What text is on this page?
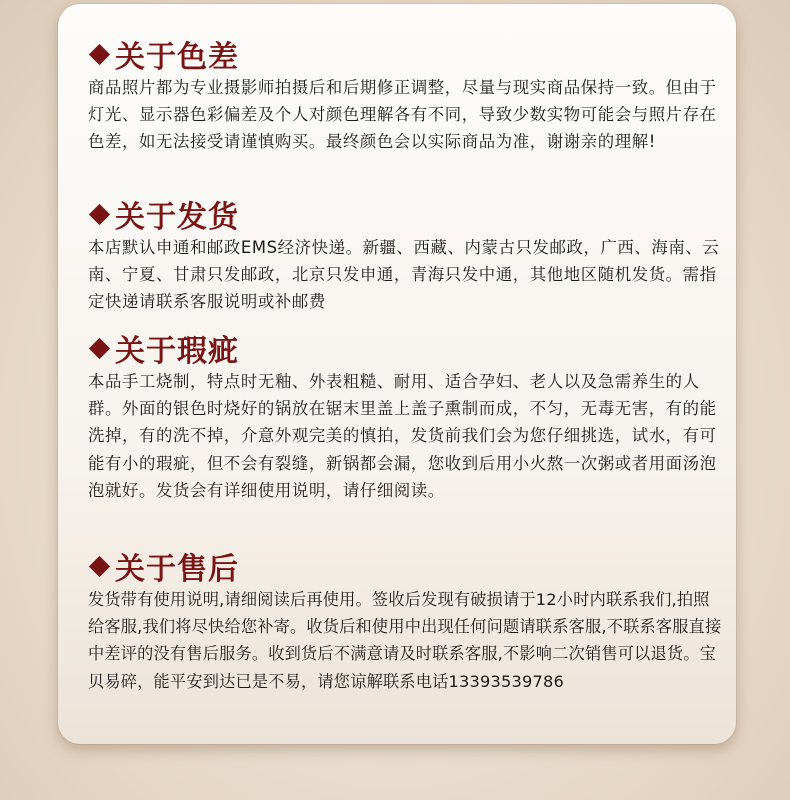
关于色差

商品照片都为专业摄影师拍摄后和后期修正调整，尽量与现实商品保持一致。但由于灯光、显示器色彩偏差及个人对颜色理解各有不同，导致少数实物可能会与照片存在色差，如无法接受请谨慎购买。最终颜色会以实际商品为准，谢谢亲的理解!

关于发货

本店默认申通和邮政EMS经济快递。新疆、西藏、内蒙古只发邮政，广西、海南、云南、宁夏、甘肃只发邮政，北京只发申通，青海只发中通，其他地区随机发货。需指定快递请联系客服说明或补邮费

关于瑕疵

本品手工烧制，特点时无釉、外表粗糙、耐用、适合孕妇、老人以及急需养生的人群。外面的银色时烧好的锅放在锯末里盖上盖子熏制而成，不匀，无毒无害，有的能洗掉，有的洗不掉，介意外观完美的慎拍，发货前我们会为您仔细挑选，试水，有可能有小的瑕疵，但不会有裂缝，新锅都会漏，您收到后用小火熬一次粥或者用面汤泡泡就好。发货会有详细使用说明，请仔细阅读。

关于售后

发货带有使用说明,请细阅读后再使用。签收后发现有破损请于12小时内联系我们,拍照给客服,我们将尽快给您补寄。收货后和使用中出现任何问题请联系客服,不联系客服直接中差评的没有售后服务。收到货后不满意请及时联系客服,不影响二次销售可以退货。宝贝易碎，能平安到达已是不易，请您谅解联系电话13393539786
